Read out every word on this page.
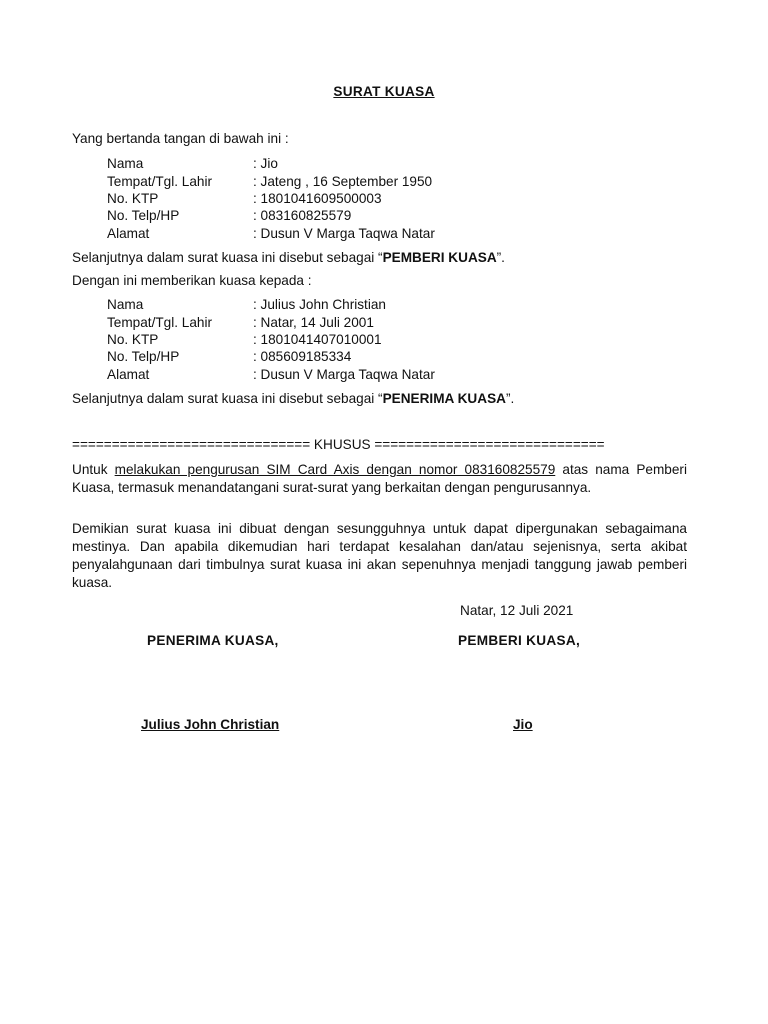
SURAT KUASA
Yang bertanda tangan di bawah ini :
Nama	: Jio
Tempat/Tgl. Lahir	: Jateng , 16 September 1950
No. KTP	: 1801041609500003
No. Telp/HP	: 083160825579
Alamat	: Dusun V Marga Taqwa Natar
Selanjutnya dalam surat kuasa ini disebut sebagai “PEMBERI KUASA”.
Dengan ini memberikan kuasa kepada :
Nama	: Julius John Christian
Tempat/Tgl. Lahir	: Natar, 14 Juli 2001
No. KTP	: 1801041407010001
No. Telp/HP	: 085609185334
Alamat	: Dusun V Marga Taqwa Natar
Selanjutnya dalam surat kuasa ini disebut sebagai “PENERIMA KUASA”.
============================== KHUSUS =============================
Untuk melakukan pengurusan SIM Card Axis dengan nomor 083160825579 atas nama Pemberi Kuasa, termasuk menandatangani surat-surat yang berkaitan dengan pengurusannya.
Demikian surat kuasa ini dibuat dengan sesungguhnya untuk dapat dipergunakan sebagaimana mestinya. Dan apabila dikemudian hari terdapat kesalahan dan/atau sejenisnya, serta akibat penyalahgunaan dari timbulnya surat kuasa ini akan sepenuhnya menjadi tanggung jawab pemberi kuasa.
Natar, 12 Juli 2021
PENERIMA KUASA,	PEMBERI KUASA,
Julius John Christian	Jio
